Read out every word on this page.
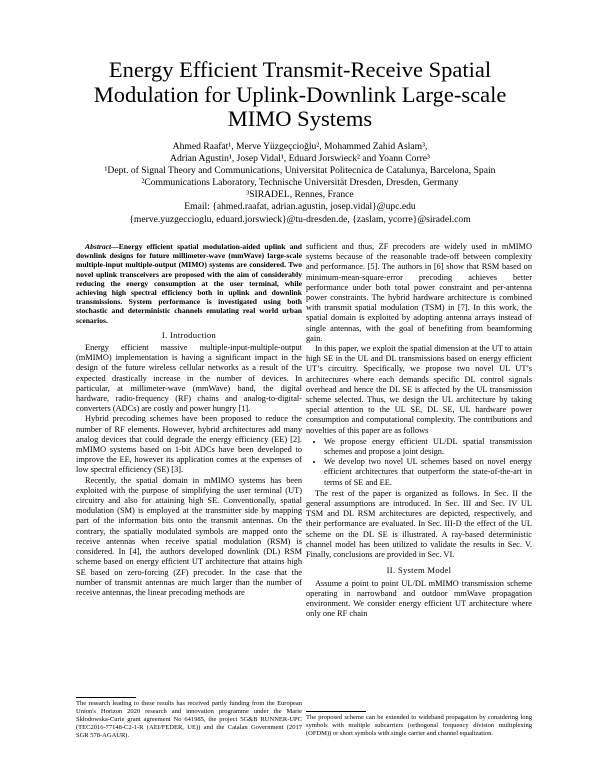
Energy Efficient Transmit-Receive Spatial Modulation for Uplink-Downlink Large-scale MIMO Systems
Ahmed Raafat¹, Merve Yüzgeçcioğlu², Mohammed Zahid Aslam³,
Adrian Agustin¹, Josep Vidal¹, Eduard Jorswieck² and Yoann Corre³
¹Dept. of Signal Theory and Communications, Universitat Politecnica de Catalunya, Barcelona, Spain
²Communications Laboratory, Technische Universität Dresden, Dresden, Germany
³SIRADEL, Rennes, France
Email: {ahmed.raafat, adrian.agustin, josep.vidal}@upc.edu
{merve.yuzgeccioglu, eduard.jorswieck}@tu-dresden.de, {zaslam, ycorre}@siradel.com

Abstract—Energy efficient spatial modulation-aided uplink and downlink designs for future millimeter-wave (mmWave) large-scale multiple-input multiple-output (MIMO) systems are considered. Two novel uplink transceivers are proposed with the aim of considerably reducing the energy consumption at the user terminal, while achieving high spectral efficiency both in uplink and downlink transmissions. System performance is investigated using both stochastic and deterministic channels emulating real world urban scenarios.

I. Introduction

Energy efficient massive multiple-input-multiple-output (mMIMO) implementation is having a significant impact in the design of the future wireless cellular networks as a result of the expected drastically increase in the number of devices. In particular, at millimeter-wave (mmWave) band, the digital hardware, radio-frequency (RF) chains and analog-to-digital-converters (ADCs) are costly and power hungry [1].

Hybrid precoding schemes have been proposed to reduce the number of RF elements. However, hybrid architectures add many analog devices that could degrade the energy efficiency (EE) [2]. mMIMO systems based on 1-bit ADCs have been developed to improve the EE, however its application comes at the expenses of low spectral efficiency (SE) [3].

Recently, the spatial domain in mMIMO systems has been exploited with the purpose of simplifying the user terminal (UT) circuitry and also for attaining high SE. Conventionally, spatial modulation (SM) is employed at the transmitter side by mapping part of the information bits onto the transmit antennas. On the contrary, the spatially modulated symbols are mapped onto the receive antennas when receive spatial modulation (RSM) is considered. In [4], the authors developed downlink (DL) RSM scheme based on energy efficient UT architecture that attains high SE based on zero-forcing (ZF) precoder. In the case that the number of transmit antennas are much larger than the number of receive antennas, the linear precoding methods are

sufficient and thus, ZF precoders are widely used in mMIMO systems because of the reasonable trade-off between complexity and performance. [5]. The authors in [6] show that RSM based on minimum-mean-square-error precoding achieves better performance under both total power constraint and per-antenna power constraints. The hybrid hardware architecture is combined with transmit spatial modulation (TSM) in [7]. In this work, the spatial domain is exploited by adopting antenna arrays instead of single antennas, with the goal of benefiting from beamforming gain.

In this paper, we exploit the spatial dimension at the UT to attain high SE in the UL and DL transmissions based on energy efficient UT’s circuitry. Specifically, we propose two novel UL UT’s architectures where each demands specific DL control signals overhead and hence the DL SE is affected by the UL transmission scheme selected. Thus, we design the UL architecture by taking special attention to the UL SE, DL SE, UL hardware power consumption and computational complexity. The contributions and novelties of this paper are as follows

• We propose energy efficient UL/DL spatial transmission schemes and propose a joint design.
• We develop two novel UL schemes based on novel energy efficient architectures that outperform the state-of-the-art in terms of SE and EE.

The rest of the paper is organized as follows. In Sec. II the general assumptions are introduced. In Sec. III and Sec. IV UL TSM and DL RSM architectures are depicted, respectively, and their performance are evaluated. In Sec. III-D the effect of the UL scheme on the DL SE is illustrated. A ray-based deterministic channel model has been utilized to validate the results in Sec. V. Finally, conclusions are provided in Sec. VI.

II. System Model

Assume a point to point UL/DL mMIMO transmission scheme operating in narrowband and outdoor mmWave propagation environment. We consider energy efficient UT architecture where only one RF chain

The research leading to these results has received partly funding from the European Union's Horizon 2020 research and innovation programme under the Marie Skłodowska-Curie grant agreement No 641985, the project 5G&B RUNNER-UPC (TEC2016-77148-C2-1-R (AEI/FEDER, UE)) and the Catalan Government (2017 SGR 578-AGAUR).
The proposed scheme can be extended to wideband propagation by considering long symbols with multiple subcarriers (orthogonal frequency division multiplexing (OFDM)) or short symbols with single carrier and channel equalization.
